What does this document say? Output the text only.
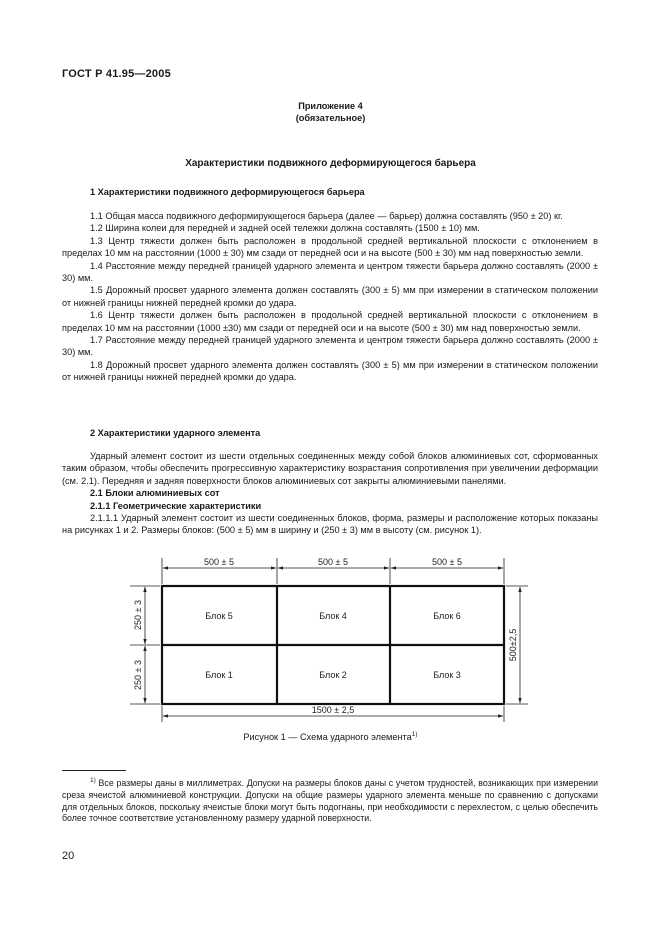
ГОСТ Р 41.95—2005
Приложение 4
(обязательное)
Характеристики подвижного деформирующегося барьера
1 Характеристики подвижного деформирующегося барьера

1.1 Общая масса подвижного деформирующегося барьера (далее — барьер) должна составлять (950 ± 20) кг.

1.2 Ширина колеи для передней и задней осей тележки должна составлять (1500 ± 10) мм.

1.3 Центр тяжести должен быть расположен в продольной средней вертикальной плоскости с отклонением в пределах 10 мм на расстоянии (1000 ± 30) мм сзади от передней оси и на высоте (500 ± 30) мм над поверхностью земли.

1.4 Расстояние между передней границей ударного элемента и центром тяжести барьера должно составлять (2000 ± 30) мм.

1.5 Дорожный просвет ударного элемента должен составлять (300 ± 5) мм при измерении в статическом положении от нижней границы нижней передней кромки до удара.

1.6 Центр тяжести должен быть расположен в продольной средней вертикальной плоскости с отклонением в пределах 10 мм на расстоянии (1000 ±30) мм сзади от передней оси и на высоте (500 ± 30) мм над поверхностью земли.

1.7 Расстояние между передней границей ударного элемента и центром тяжести барьера должно составлять (2000 ± 30) мм.

1.8 Дорожный просвет ударного элемента должен составлять (300 ± 5) мм при измерении в статическом положении от нижней границы нижней передней кромки до удара.

2 Характеристики ударного элемента

Ударный элемент состоит из шести отдельных соединенных между собой блоков алюминиевых сот, сформованных таким образом, чтобы обеспечить прогрессивную характеристику возрастания сопротивления при увеличении деформации (см. 2.1). Передняя и задняя поверхности блоков алюминиевых сот закрыты алюминиевыми панелями.

2.1 Блоки алюминиевых сот

2.1.1 Геометрические характеристики

2.1.1.1 Ударный элемент состоит из шести соединенных блоков, форма, размеры и расположение которых показаны на рисунках 1 и 2. Размеры блоков: (500 ± 5) мм в ширину и (250 ± 3) мм в высоту (см. рисунок 1).

500 ± 5	500 ± 5	500 ± 5
250 ± 3
250 ± 3
500±2,5
1500 ± 2,5
Блок 5	Блок 4	Блок 6
Блок 1	Блок 2	Блок 3
Рисунок 1 — Схема ударного элемента$^{1)}$
$^{1)}$ Все размеры даны в миллиметрах. Допуски на размеры блоков даны с учетом трудностей, возникающих при измерении среза ячеистой алюминиевой конструкции. Допуски на общие размеры ударного элемента меньше по сравнению с допусками для отдельных блоков, поскольку ячеистые блоки могут быть подогнаны, при необходимости с перехлестом, с целью обеспечить более точное соответствие установленному размеру ударной поверхности.
20
